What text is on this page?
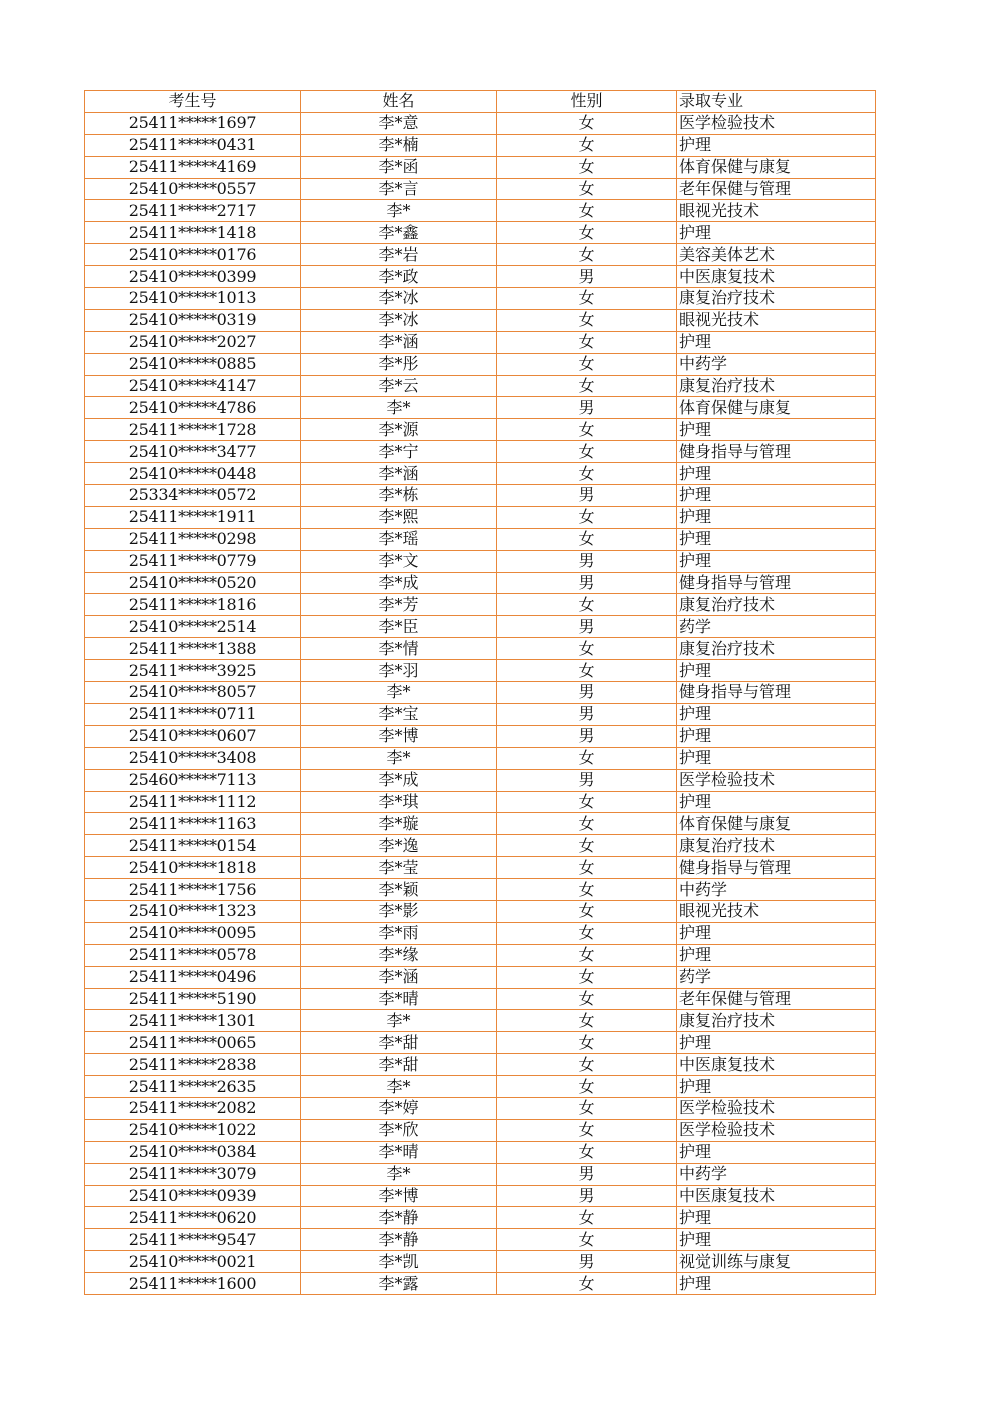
考生号	姓名	性别	录取专业
25411*****1697	李*意	女	医学检验技术
25411*****0431	李*楠	女	护理
25411*****4169	李*函	女	体育保健与康复
25410*****0557	李*言	女	老年保健与管理
25411*****2717	李*	女	眼视光技术
25411*****1418	李*鑫	女	护理
25410*****0176	李*岩	女	美容美体艺术
25410*****0399	李*政	男	中医康复技术
25410*****1013	李*冰	女	康复治疗技术
25410*****0319	李*冰	女	眼视光技术
25410*****2027	李*涵	女	护理
25410*****0885	李*彤	女	中药学
25410*****4147	李*云	女	康复治疗技术
25410*****4786	李*	男	体育保健与康复
25411*****1728	李*源	女	护理
25410*****3477	李*宁	女	健身指导与管理
25410*****0448	李*涵	女	护理
25334*****0572	李*栋	男	护理
25411*****1911	李*熙	女	护理
25411*****0298	李*瑶	女	护理
25411*****0779	李*文	男	护理
25410*****0520	李*成	男	健身指导与管理
25411*****1816	李*芳	女	康复治疗技术
25410*****2514	李*臣	男	药学
25411*****1388	李*情	女	康复治疗技术
25411*****3925	李*羽	女	护理
25410*****8057	李*	男	健身指导与管理
25411*****0711	李*宝	男	护理
25410*****0607	李*博	男	护理
25410*****3408	李*	女	护理
25460*****7113	李*成	男	医学检验技术
25411*****1112	李*琪	女	护理
25411*****1163	李*璇	女	体育保健与康复
25411*****0154	李*逸	女	康复治疗技术
25410*****1818	李*莹	女	健身指导与管理
25411*****1756	李*颖	女	中药学
25410*****1323	李*影	女	眼视光技术
25410*****0095	李*雨	女	护理
25411*****0578	李*缘	女	护理
25411*****0496	李*涵	女	药学
25411*****5190	李*晴	女	老年保健与管理
25411*****1301	李*	女	康复治疗技术
25411*****0065	李*甜	女	护理
25411*****2838	李*甜	女	中医康复技术
25411*****2635	李*	女	护理
25411*****2082	李*婷	女	医学检验技术
25410*****1022	李*欣	女	医学检验技术
25410*****0384	李*晴	女	护理
25411*****3079	李*	男	中药学
25410*****0939	李*博	男	中医康复技术
25411*****0620	李*静	女	护理
25411*****9547	李*静	女	护理
25410*****0021	李*凯	男	视觉训练与康复
25411*****1600	李*露	女	护理
